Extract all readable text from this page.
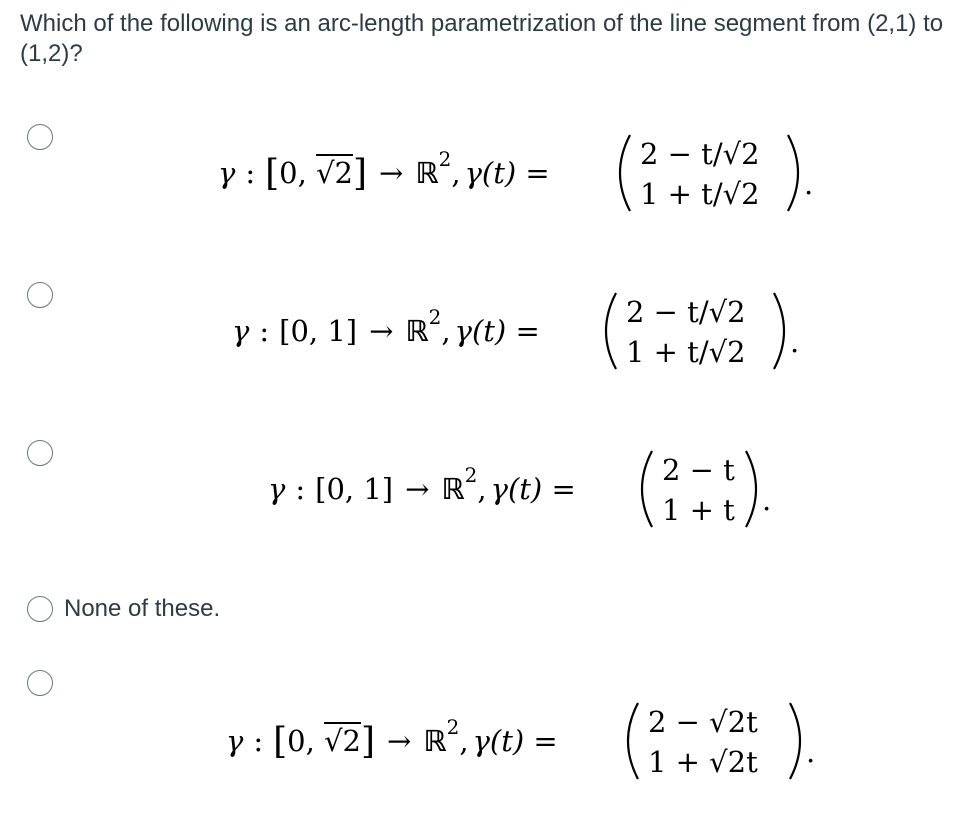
Which of the following is an arc-length parametrization of the line segment from (2,1) to (1,2)?
γ : [ 0 , √2 ] → ℝ 2 , γ(t) =
2 − t/√2
1 + t/√2 .
γ : [0, 1] → ℝ 2 , γ(t) =
2 − t/√2
1 + t/√2 .
γ : [0, 1] → ℝ 2 , γ(t) =
2 − t
1 + t .
None of these.
γ : [ 0 , √2 ] → ℝ 2 , γ(t) =
2 − √2t
1 + √2t .
